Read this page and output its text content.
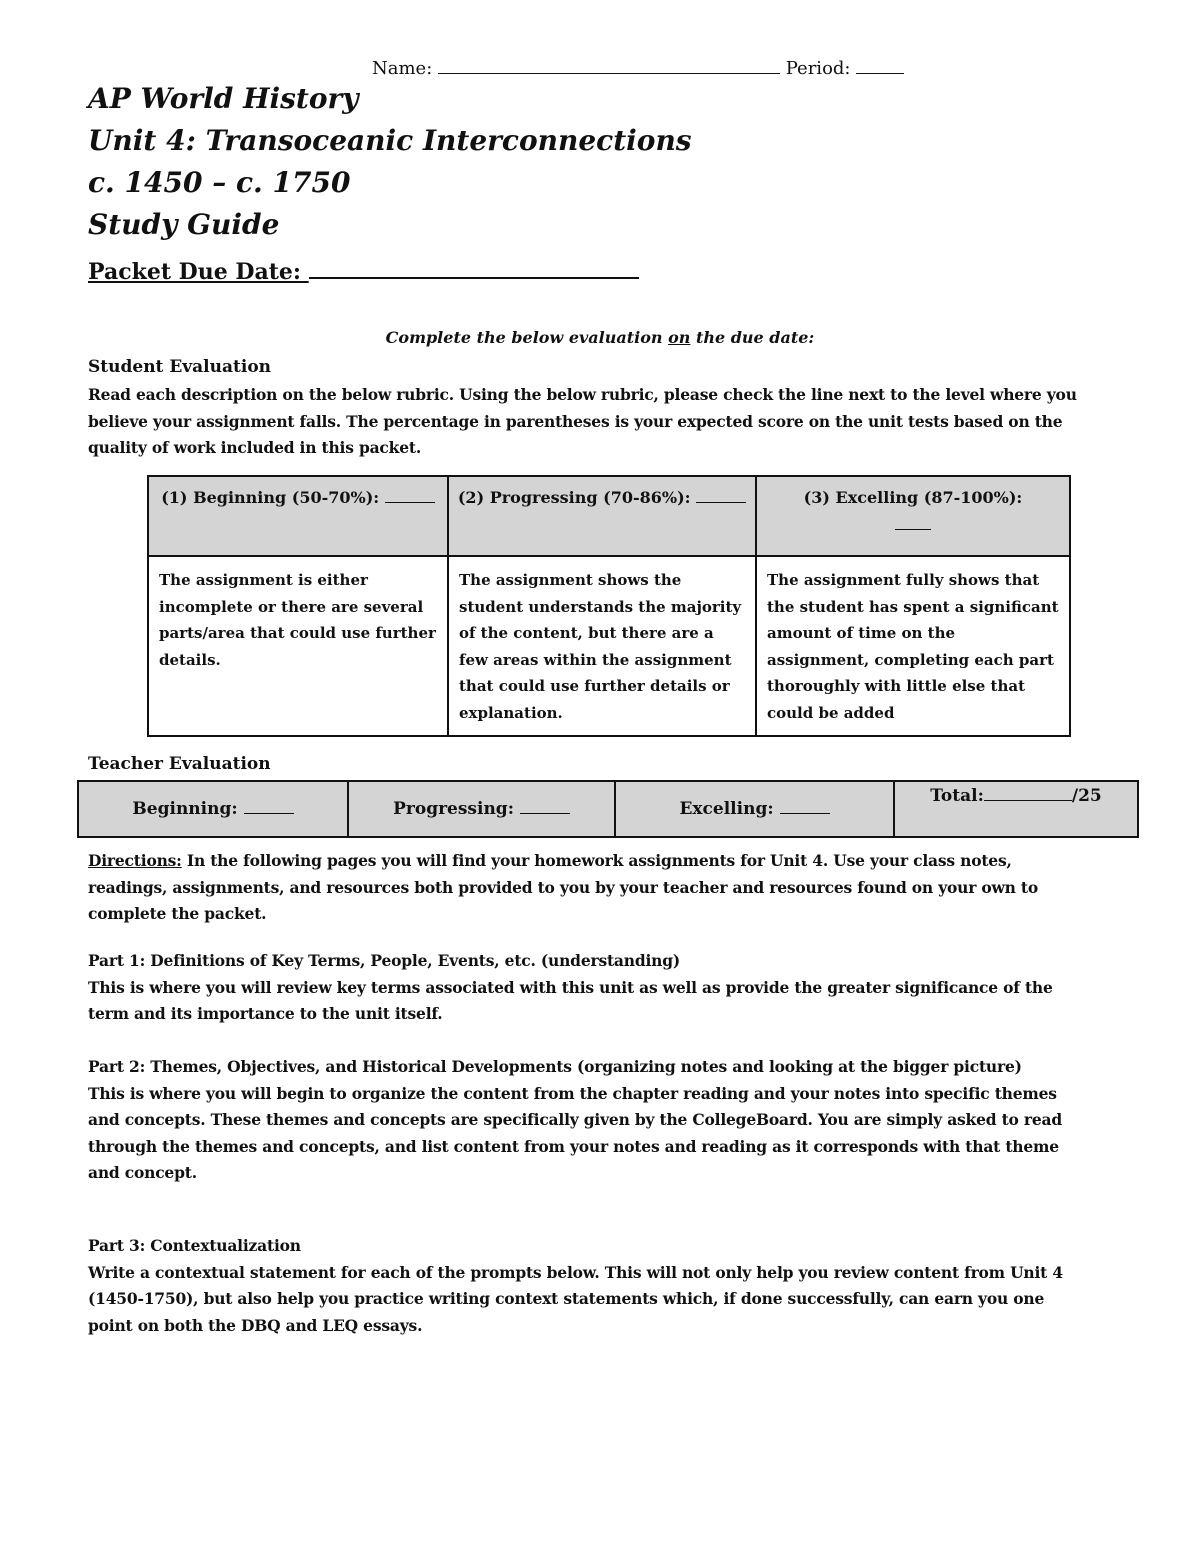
Name:	Period:
AP World History
Unit 4: Transoceanic Interconnections
c. 1450 – c. 1750
Study Guide
Packet Due Date:
Complete the below evaluation on the due date:
Student Evaluation
Read each description on the below rubric. Using the below rubric, please check the line next to the level where you believe your assignment falls. The percentage in parentheses is your expected score on the unit tests based on the quality of work included in this packet.
(1) Beginning (50-70%):	(2) Progressing (70-86%):	(3) Excelling (87-100%):

The assignment is either incomplete or there are several parts/area that could use further details.	The assignment shows the student understands the majority of the content, but there are a few areas within the assignment that could use further details or explanation.	The assignment fully shows that the student has spent a significant amount of time on the assignment, completing each part thoroughly with little else that could be added
Teacher Evaluation
Beginning:	Progressing:	Excelling:	Total:	/25
Directions: In the following pages you will find your homework assignments for Unit 4. Use your class notes, readings, assignments, and resources both provided to you by your teacher and resources found on your own to complete the packet.
Part 1: Definitions of Key Terms, People, Events, etc. (understanding)
This is where you will review key terms associated with this unit as well as provide the greater significance of the term and its importance to the unit itself.
Part 2: Themes, Objectives, and Historical Developments (organizing notes and looking at the bigger picture)
This is where you will begin to organize the content from the chapter reading and your notes into specific themes and concepts. These themes and concepts are specifically given by the CollegeBoard. You are simply asked to read through the themes and concepts, and list content from your notes and reading as it corresponds with that theme and concept.
Part 3: Contextualization
Write a contextual statement for each of the prompts below. This will not only help you review content from Unit 4 (1450-1750), but also help you practice writing context statements which, if done successfully, can earn you one point on both the DBQ and LEQ essays.
